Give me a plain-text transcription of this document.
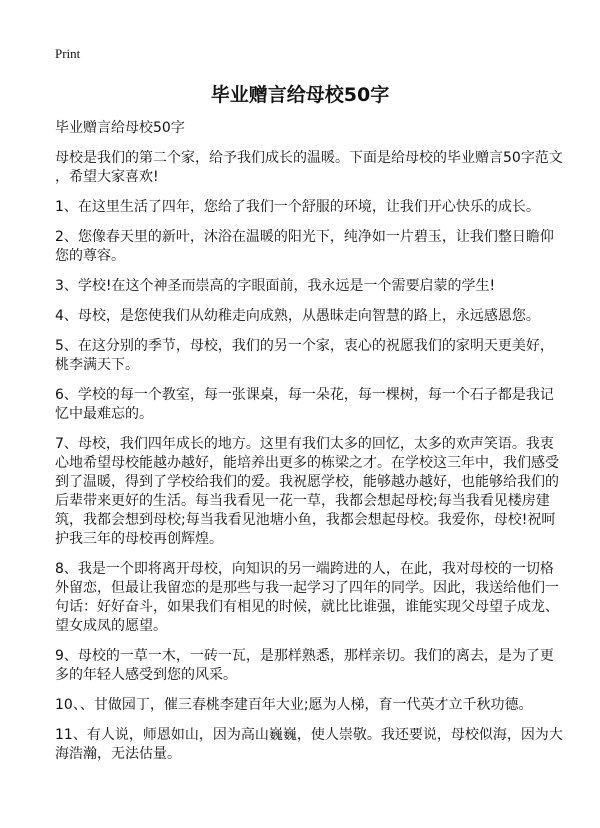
Print
毕业赠言给母校50字
毕业赠言给母校50字
母校是我们的第二个家，给予我们成长的温暖。下面是给母校的毕业赠言50字范文
，希望大家喜欢!
1、在这里生活了四年，您给了我们一个舒服的环境，让我们开心快乐的成长。
2、您像春天里的新叶，沐浴在温暖的阳光下，纯净如一片碧玉，让我们整日瞻仰
您的尊容。
3、学校!在这个神圣而崇高的字眼面前，我永远是一个需要启蒙的学生!
4、母校，是您使我们从幼稚走向成熟，从愚昧走向智慧的路上，永远感恩您。
5、在这分别的季节，母校，我们的另一个家，衷心的祝愿我们的家明天更美好，
桃李满天下。
6、学校的每一个教室，每一张课桌，每一朵花，每一棵树，每一个石子都是我记
忆中最难忘的。
7、母校，我们四年成长的地方。这里有我们太多的回忆，太多的欢声笑语。我衷
心地希望母校能越办越好，能培养出更多的栋梁之才。在学校这三年中，我们感受
到了温暖，得到了学校给我们的爱。我祝愿学校，能够越办越好，也能够给我们的
后辈带来更好的生活。每当我看见一花一草，我都会想起母校;每当我看见楼房建
筑，我都会想到母校;每当我看见池塘小鱼，我都会想起母校。我爱你，母校!祝呵
护我三年的母校再创辉煌。
8、我是一个即将离开母校，向知识的另一端跨进的人，在此，我对母校的一切格
外留恋，但最让我留恋的是那些与我一起学习了四年的同学。因此，我送给他们一
句话：好好奋斗，如果我们有相见的时候，就比比谁强，谁能实现父母望子成龙、
望女成凤的愿望。
9、母校的一草一木，一砖一瓦，是那样熟悉，那样亲切。我们的离去，是为了更
多的年轻人感受到您的风采。
10、、甘做园丁，催三春桃李建百年大业;愿为人梯，育一代英才立千秋功德。
11、有人说，师恩如山，因为高山巍巍，使人崇敬。我还要说，母校似海，因为大
海浩瀚，无法估量。
